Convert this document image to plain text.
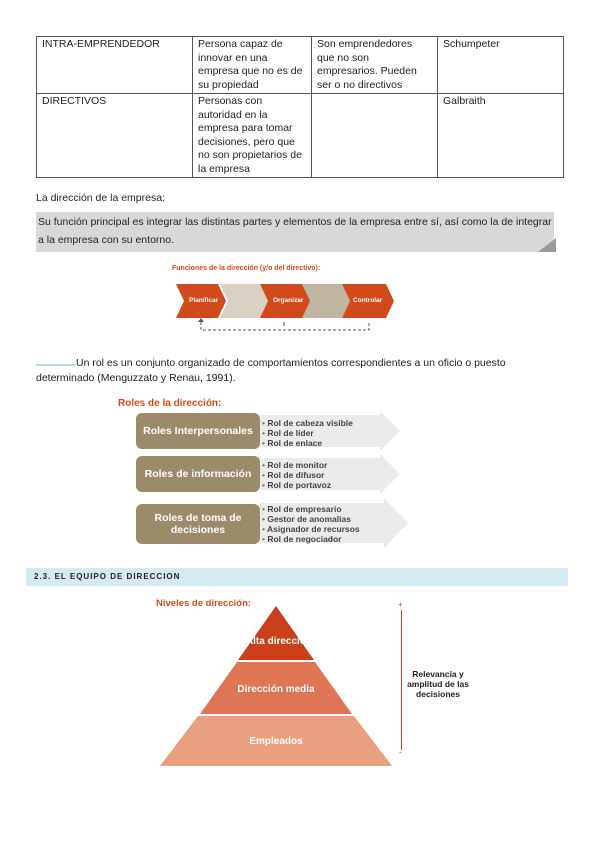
INTRA-EMPRENDEDOR	Persona capaz de innovar en una empresa que no es de su propiedad	Son emprendedores que no son empresarios. Pueden ser o no directivos	Schumpeter
DIRECTIVOS	Personas con autoridad en la empresa para tomar decisiones, pero que no son propietarios de la empresa		Galbraith
La dirección de la empresa:
Su función principal es integrar las distintas partes y elementos de la empresa entre sí, así como la de integrar a la empresa con su entorno.
Funciones de la dirección (y/o del directivo):
Planificar	Organizar	Controlar
Un rol es un conjunto organizado de comportamientos correspondientes a un oficio o puesto determinado (Menguzzato y Renau, 1991).
Roles de la dirección:
Roles Interpersonales
• Rol de cabeza visible
• Rol de líder
• Rol de enlace
Roles de información
• Rol de monitor
• Rol de difusor
• Rol de portavoz
Roles de toma de decisiones
• Rol de empresario
• Gestor de anomalías
• Asignador de recursos
• Rol de negociador
2.3. EL EQUIPO DE DIRECCION
Niveles de dirección:
Alta dirección
Dirección media
Empleados
+
-
Relevancia y amplitud de las decisiones
